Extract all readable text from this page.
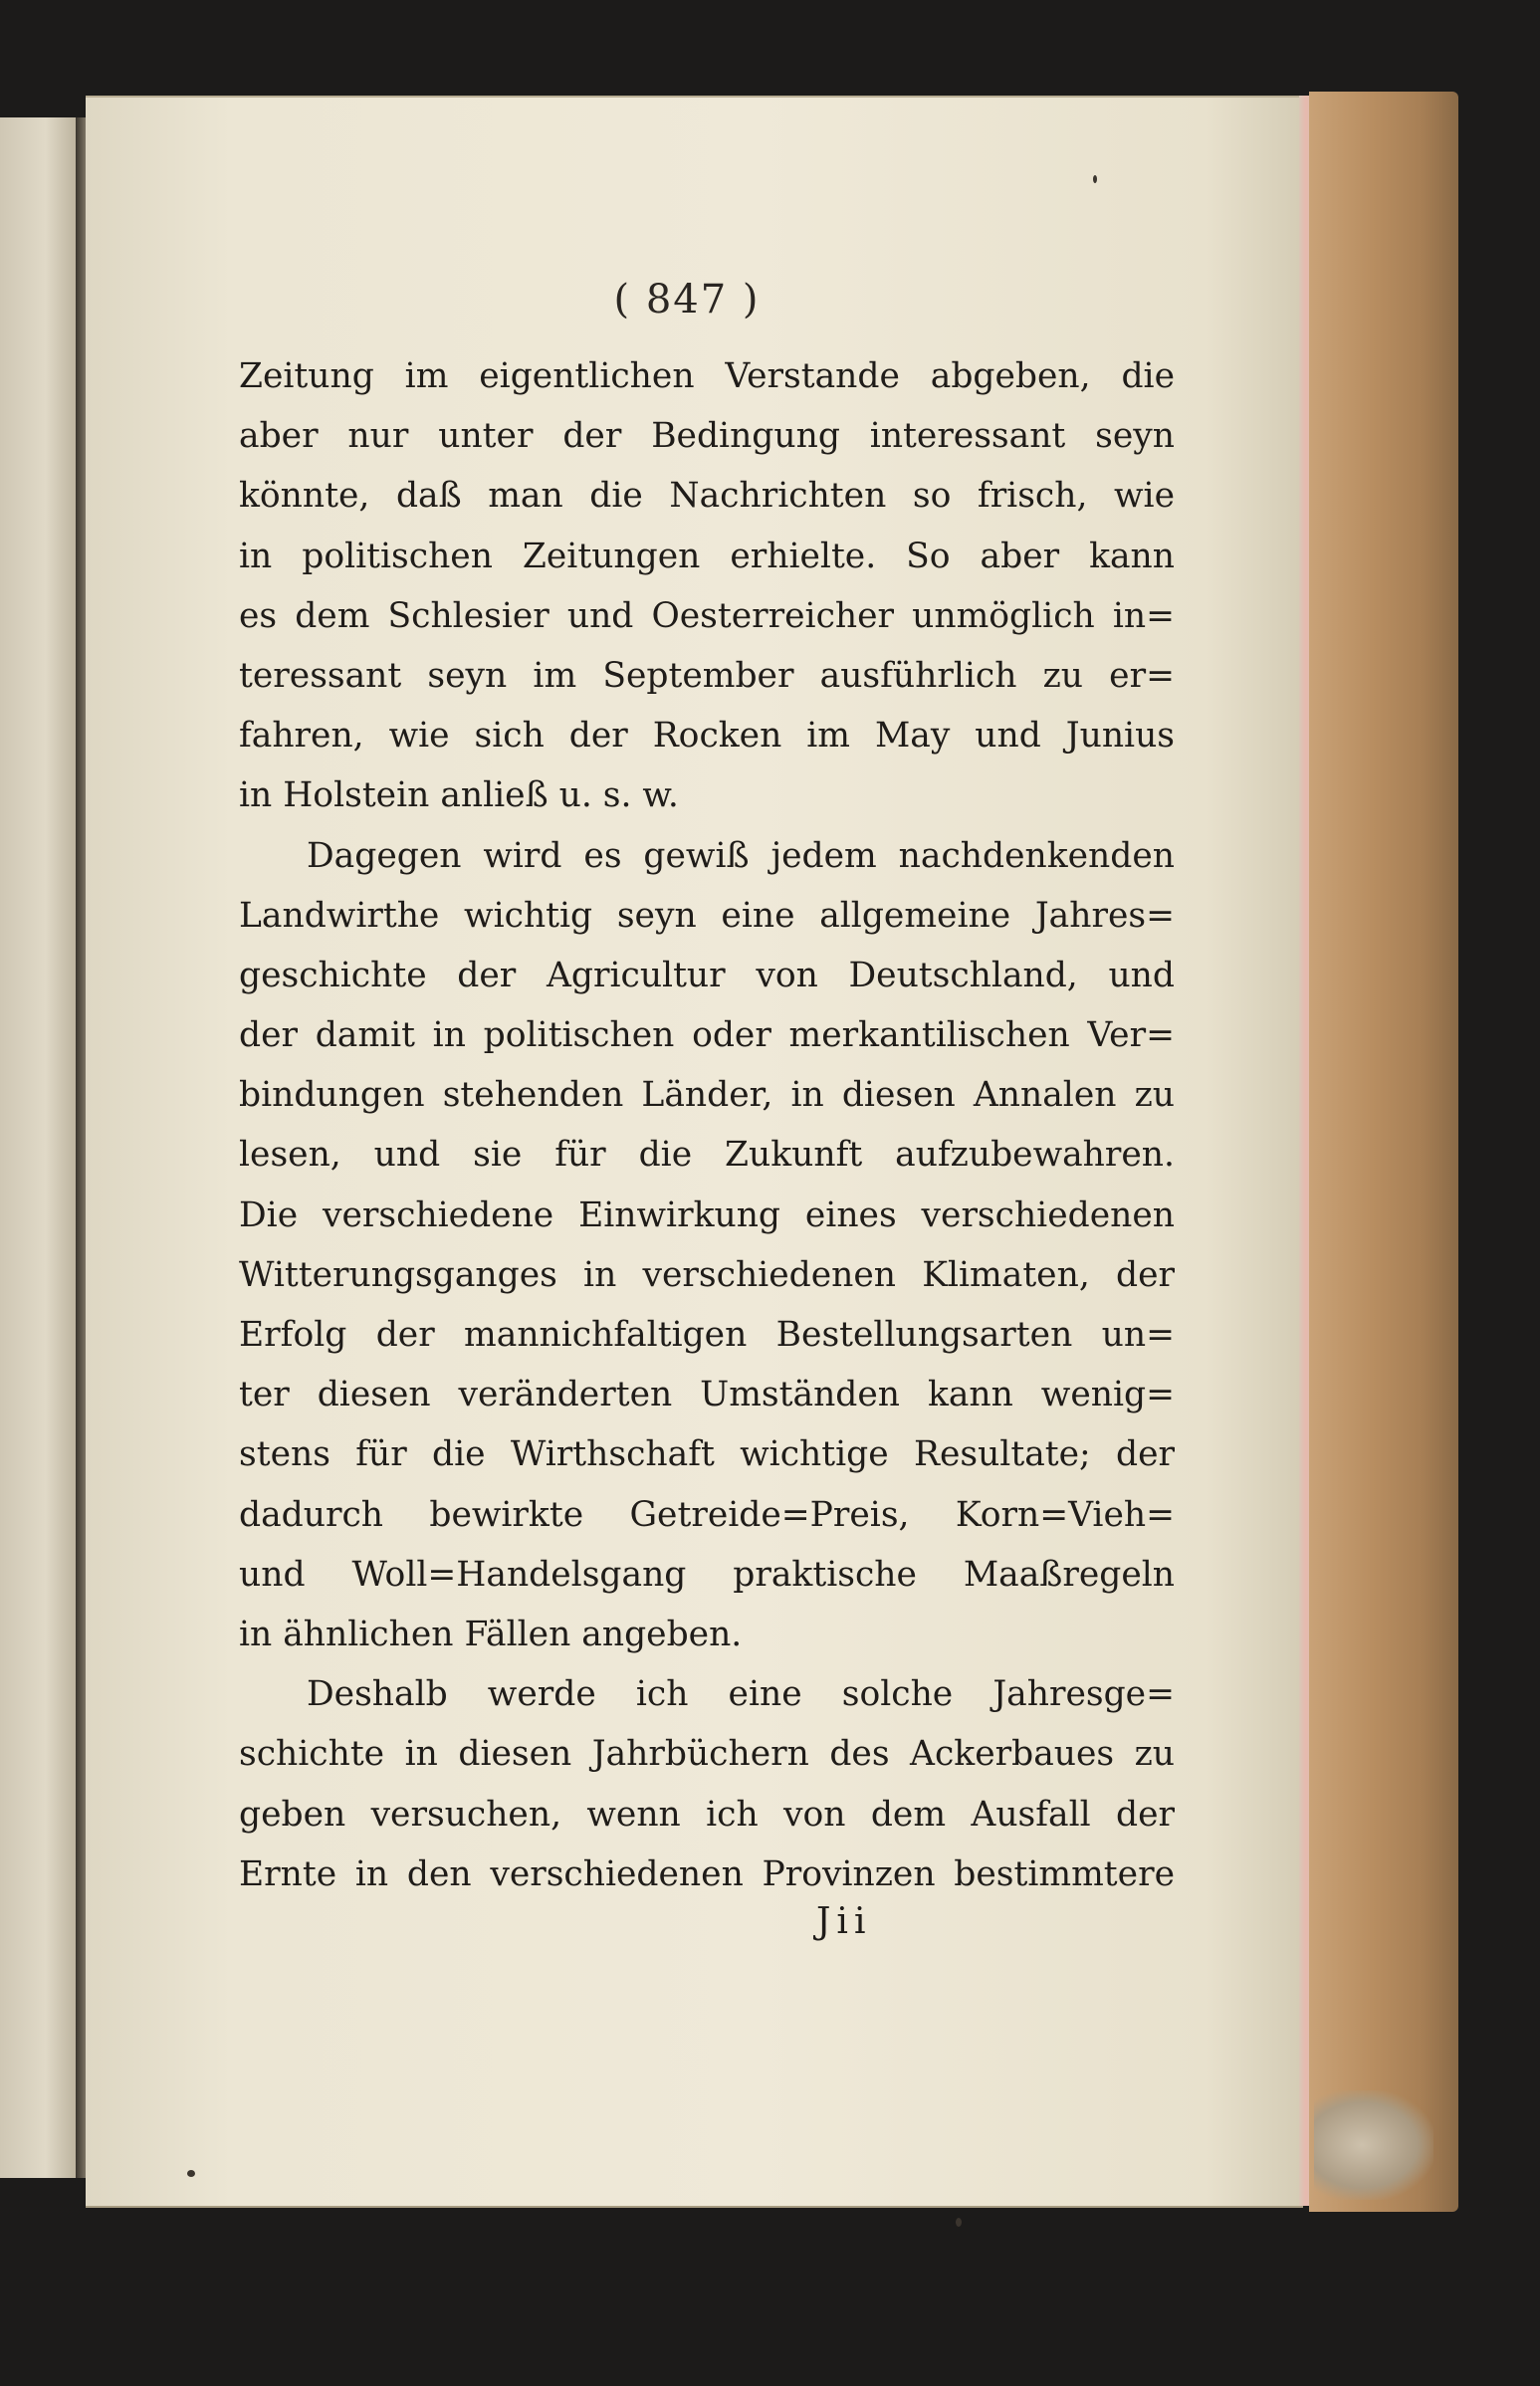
( 847 )
Zeitung im eigentlichen Verstande abgeben, die
aber nur unter der Bedingung interessant seyn
könnte, daß man die Nachrichten so frisch, wie
in politischen Zeitungen erhielte. So aber kann
es dem Schlesier und Oesterreicher unmöglich in=
teressant seyn im September ausführlich zu er=
fahren, wie sich der Rocken im May und Junius
in Holstein anließ u. s. w.
Dagegen wird es gewiß jedem nachdenkenden
Landwirthe wichtig seyn eine allgemeine Jahres=
geschichte der Agricultur von Deutschland, und
der damit in politischen oder merkantilischen Ver=
bindungen stehenden Länder, in diesen Annalen zu
lesen, und sie für die Zukunft aufzubewahren.
Die verschiedene Einwirkung eines verschiedenen
Witterungsganges in verschiedenen Klimaten, der
Erfolg der mannichfaltigen Bestellungsarten un=
ter diesen veränderten Umständen kann wenig=
stens für die Wirthschaft wichtige Resultate; der
dadurch bewirkte Getreide=Preis, Korn=Vieh=
und Woll=Handelsgang praktische Maaßregeln
in ähnlichen Fällen angeben.
Deshalb werde ich eine solche Jahresge=
schichte in diesen Jahrbüchern des Ackerbaues zu
geben versuchen, wenn ich von dem Ausfall der
Ernte in den verschiedenen Provinzen bestimmtere
Jii
